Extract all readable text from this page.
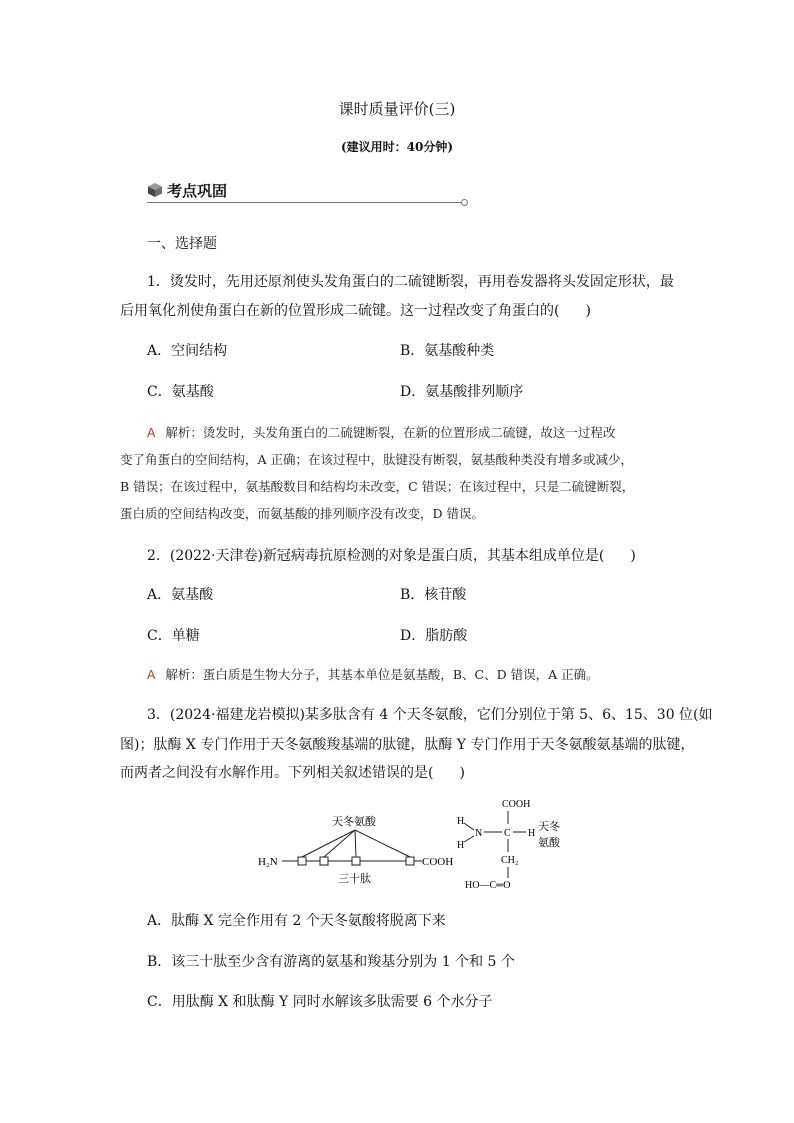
课时质量评价(三)
(建议用时：40分钟)
考点巩固
一、选择题
1．烫发时，先用还原剂使头发角蛋白的二硫键断裂，再用卷发器将头发固定形状，最
后用氧化剂使角蛋白在新的位置形成二硫键。这一过程改变了角蛋白的( )
A．空间结构	B．氨基酸种类
C．氨基酸	D．氨基酸排列顺序
A 解析：烫发时，头发角蛋白的二硫键断裂，在新的位置形成二硫键，故这一过程改
变了角蛋白的空间结构，A 正确；在该过程中，肽键没有断裂，氨基酸种类没有增多或减少，
B 错误；在该过程中，氨基酸数目和结构均未改变，C 错误；在该过程中，只是二硫键断裂，
蛋白质的空间结构改变，而氨基酸的排列顺序没有改变，D 错误。
2．(2022·天津卷)新冠病毒抗原检测的对象是蛋白质，其基本组成单位是( )
A．氨基酸	B．核苷酸
C．单糖	D．脂肪酸
A 解析：蛋白质是生物大分子，其基本单位是氨基酸，B、C、D 错误，A 正确。
3．(2024·福建龙岩模拟)某多肽含有 4 个天冬氨酸，它们分别位于第 5、6、15、30 位(如
图)；肽酶 X 专门作用于天冬氨酸羧基端的肽键，肽酶 Y 专门作用于天冬氨酸氨基端的肽键，
而两者之间没有水解作用。下列相关叙述错误的是( )
H₂N	COOH
天冬氨酸
三十肽
COOH
H
H
N C H
天冬
氨酸
CH₂
HO—C═O
A．肽酶 X 完全作用有 2 个天冬氨酸将脱离下来
B．该三十肽至少含有游离的氨基和羧基分别为 1 个和 5 个
C．用肽酶 X 和肽酶 Y 同时水解该多肽需要 6 个水分子
